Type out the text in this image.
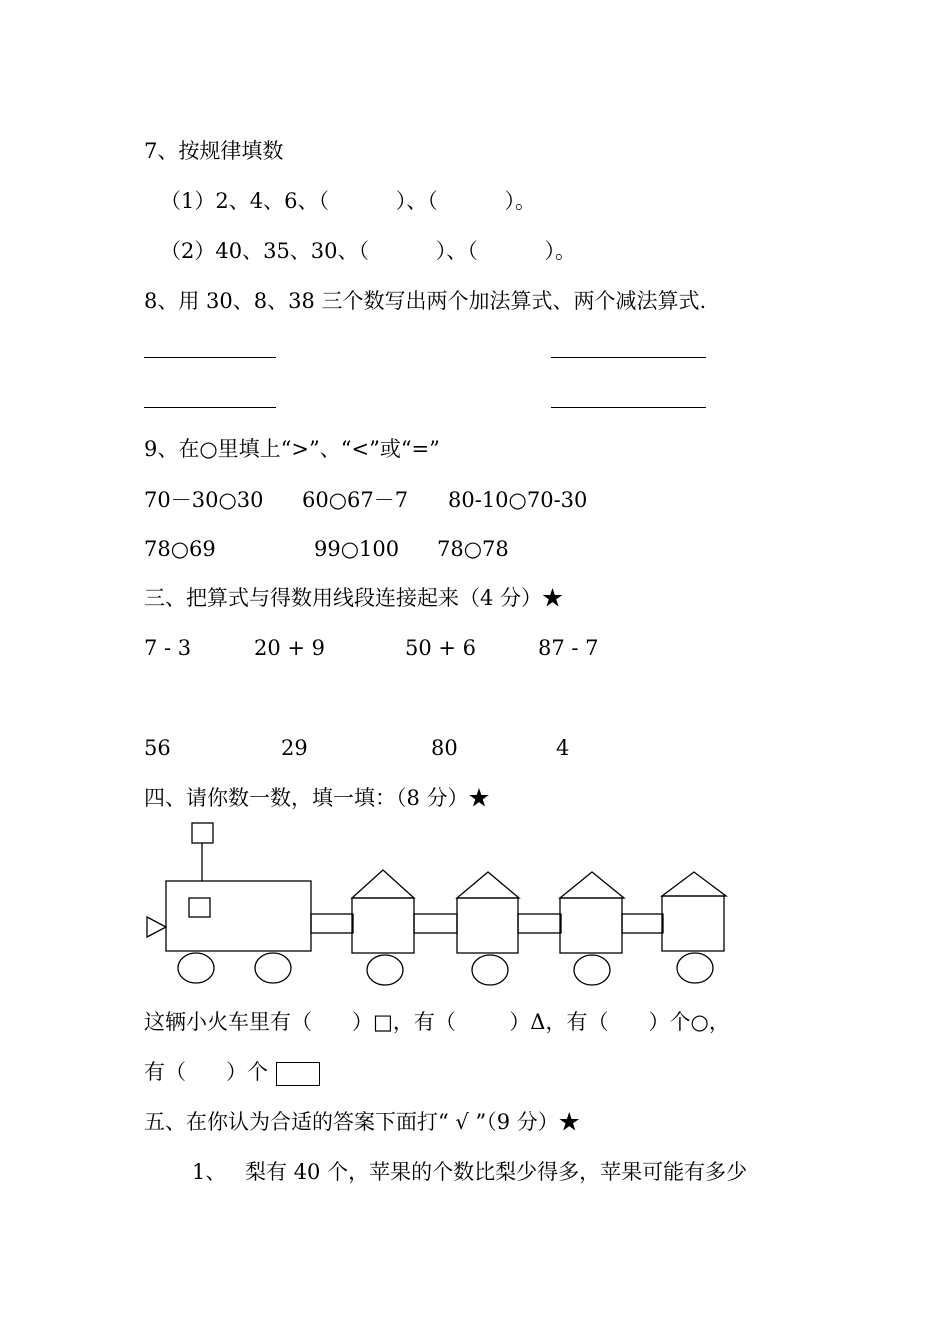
7、按规律填数
（1）2、4、6、（          ）、（          ）。
（2）40、35、30、（          ）、（          ）。
8、用 30、8、38 三个数写出两个加法算式、两个减法算式.
9、在○里填上“>”、“<”或“=”
70－30○30 60○67－7 80-10○70-30
78○69	99○100 78○78
三、把算式与得数用线段连接起来（4 分）★
7 - 3	20 + 9	50 + 6	87 - 7
56	29	80	4
四、请你数一数，填一填：（8 分）★
这辆小火车里有（      ）□，有（        ）Δ，有（      ）个○，
有（      ）个
五、在你认为合适的答案下面打“ √ ”（9 分）★
1、 梨有 40 个，苹果的个数比梨少得多，苹果可能有多少
